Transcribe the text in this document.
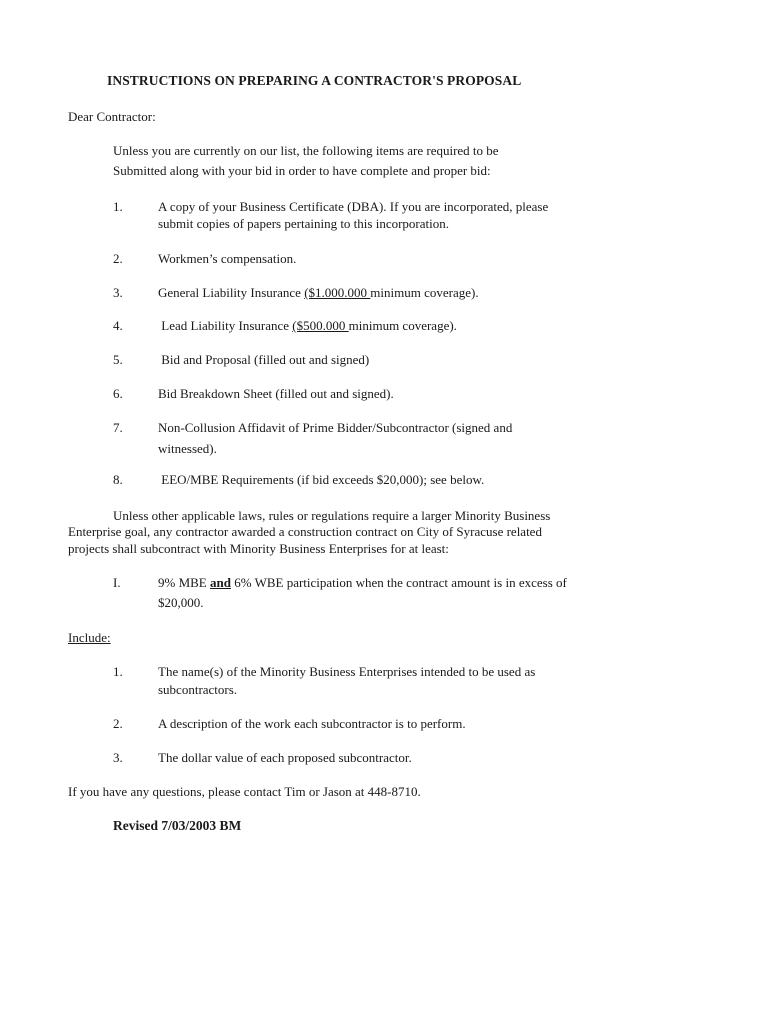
INSTRUCTIONS ON PREPARING A CONTRACTOR'S PROPOSAL
Dear Contractor:
Unless you are currently on our list, the following items are required to be
Submitted along with your bid in order to have complete and proper bid:
1.	A copy of your Business Certificate (DBA). If you are incorporated, please
submit copies of papers pertaining to this incorporation.
2.	Workmen’s compensation.
3.	General Liability Insurance ($1.000.000 minimum coverage).
4.	Lead Liability Insurance ($500.000 minimum coverage).
5.	Bid and Proposal (filled out and signed)
6.	Bid Breakdown Sheet (filled out and signed).
7.	Non-Collusion Affidavit of Prime Bidder/Subcontractor (signed and
witnessed).
8.	EEO/MBE Requirements (if bid exceeds $20,000); see below.
Unless other applicable laws, rules or regulations require a larger Minority Business
Enterprise goal, any contractor awarded a construction contract on City of Syracuse related
projects shall subcontract with Minority Business Enterprises for at least:
I.	9% MBE and 6% WBE participation when the contract amount is in excess of
$20,000.
Include:
1.	The name(s) of the Minority Business Enterprises intended to be used as
subcontractors.
2.	A description of the work each subcontractor is to perform.
3.	The dollar value of each proposed subcontractor.
If you have any questions, please contact Tim or Jason at 448-8710.
Revised 7/03/2003 BM
